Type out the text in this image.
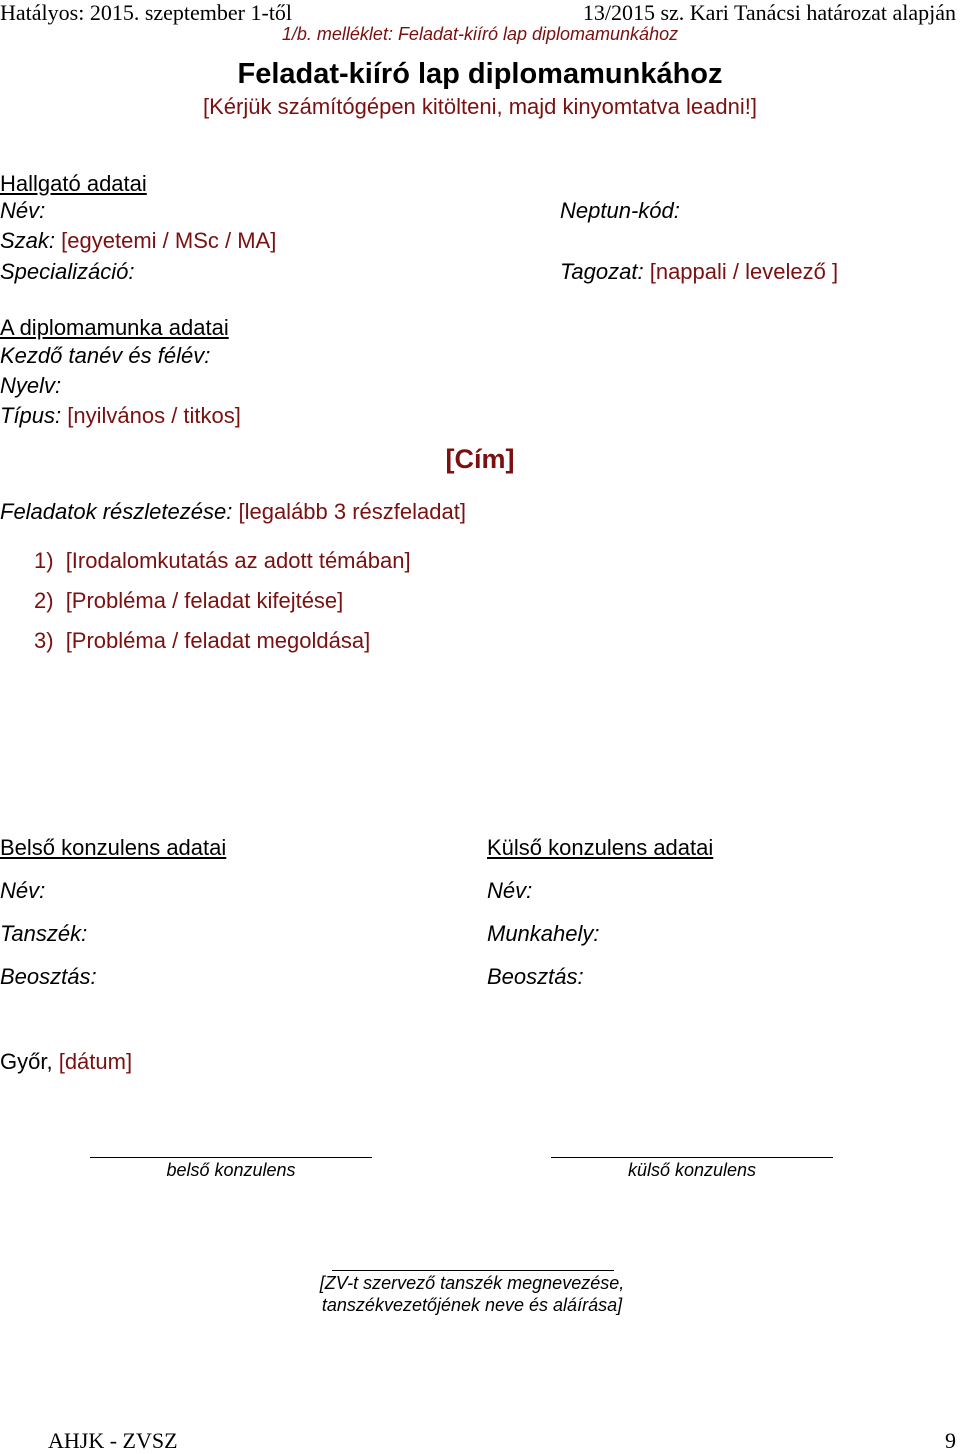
Hatályos: 2015. szeptember 1-től	13/2015 sz. Kari Tanácsi határozat alapján
1/b. melléklet: Feladat-kiíró lap diplomamunkához
Feladat-kiíró lap diplomamunkához
[Kérjük számítógépen kitölteni, majd kinyomtatva leadni!]
Hallgató adatai
Név:	Neptun-kód:
Szak: [egyetemi / MSc / MA]
Specializáció:	Tagozat: [nappali / levelező ]
A diplomamunka adatai
Kezdő tanév és félév:
Nyelv:
Típus: [nyilvános / titkos]
[Cím]
Feladatok részletezése: [legalább 3 részfeladat]
1) [Irodalomkutatás az adott témában]
2) [Probléma / feladat kifejtése]
3) [Probléma / feladat megoldása]
Belső konzulens adatai
Név:
Tanszék:
Beosztás:
Külső konzulens adatai
Név:
Munkahely:
Beosztás:
Győr, [dátum]
belső konzulens	külső konzulens
[ZV-t szervező tanszék megnevezése,
tanszékvezetőjének neve és aláírása]
AHJK - ZVSZ	9
